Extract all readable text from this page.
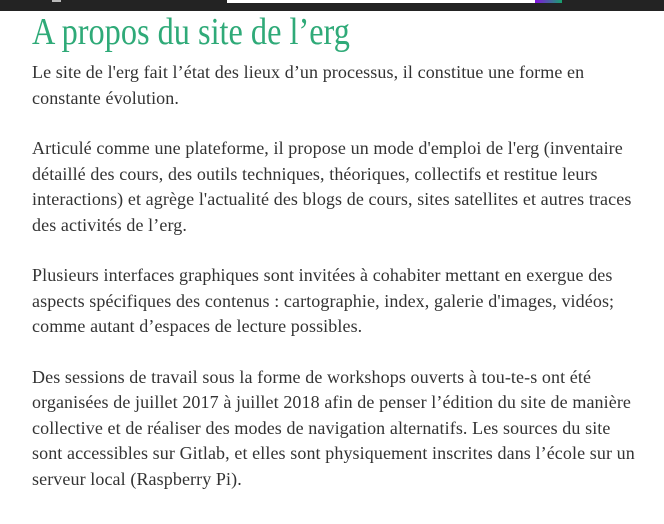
A propos du site de l’erg

Le site de l'erg fait l’état des lieux d’un processus, il constitue une forme en constante évolution.

Articulé comme une plateforme, il propose un mode d'emploi de l'erg (inventaire détaillé des cours, des outils techniques, théoriques, collectifs et restitue leurs interactions) et agrège l'actualité des blogs de cours, sites satellites et autres traces des activités de l’erg.

Plusieurs interfaces graphiques sont invitées à cohabiter mettant en exergue des aspects spécifiques des contenus : cartographie, index, galerie d'images, vidéos; comme autant d’espaces de lecture possibles.

Des sessions de travail sous la forme de workshops ouverts à tou-te-s ont été organisées de juillet 2017 à juillet 2018 afin de penser l’édition du site de manière collective et de réaliser des modes de navigation alternatifs. Les sources du site sont accessibles sur Gitlab, et elles sont physiquement inscrites dans l’école sur un serveur local (Raspberry Pi).
